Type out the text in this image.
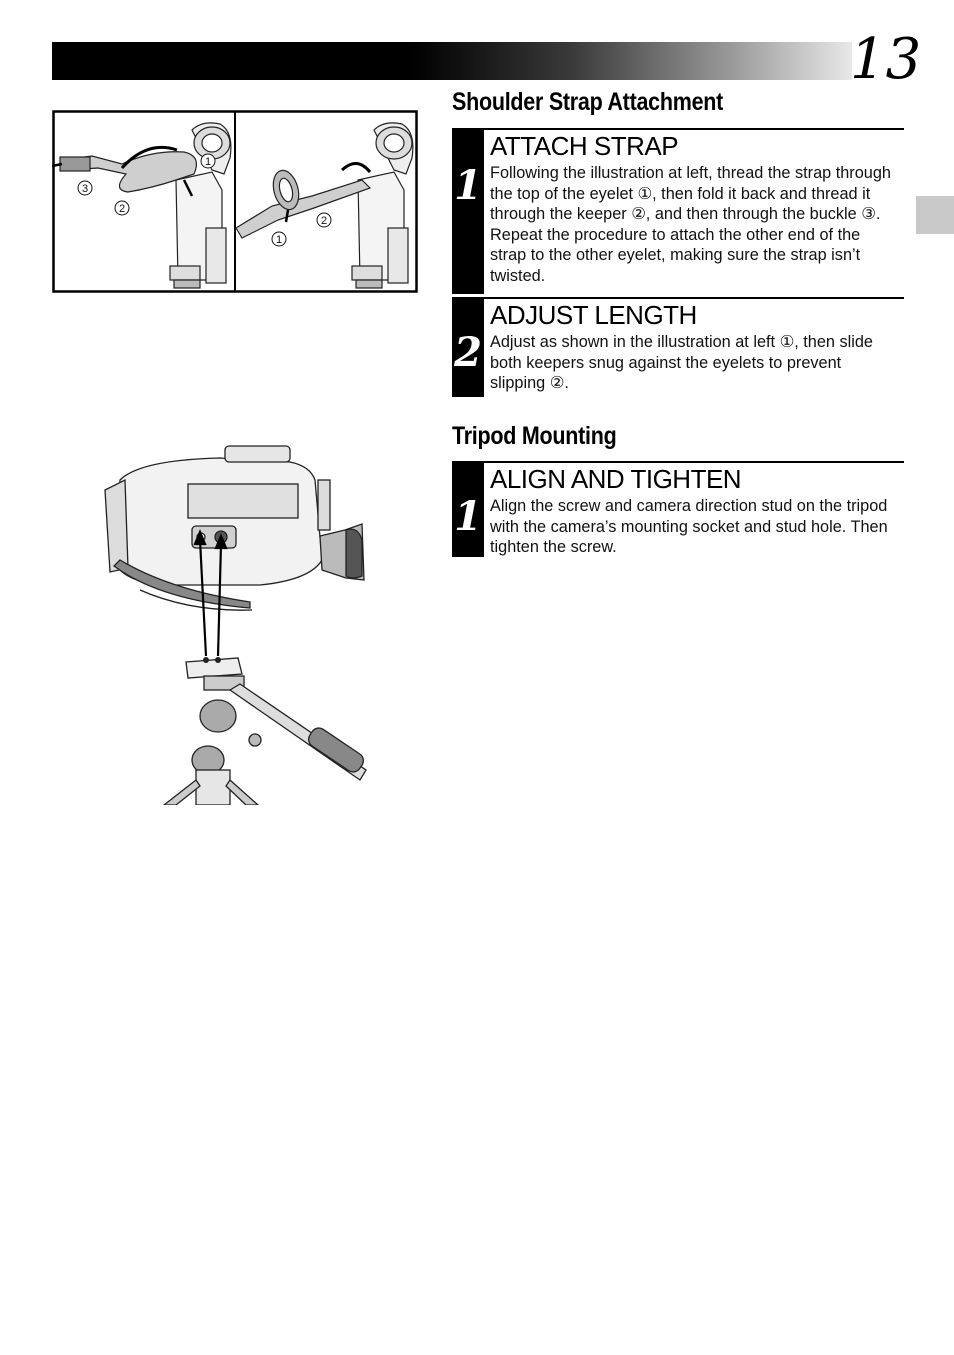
13
1
2
3
1
2
Shoulder Strap Attachment
1
ATTACH STRAP
Following the illustration at left, thread the strap through the top of the eyelet ①, then fold it back and thread it through the keeper ②, and then through the buckle ③. Repeat the procedure to attach the other end of the strap to the other eyelet, making sure the strap isn’t twisted.
2
ADJUST LENGTH
Adjust as shown in the illustration at left ①, then slide both keepers snug against the eyelets to prevent slipping ②.
Tripod Mounting
1
ALIGN AND TIGHTEN
Align the screw and camera direction stud on the tripod with the camera’s mounting socket and stud hole. Then tighten the screw.
